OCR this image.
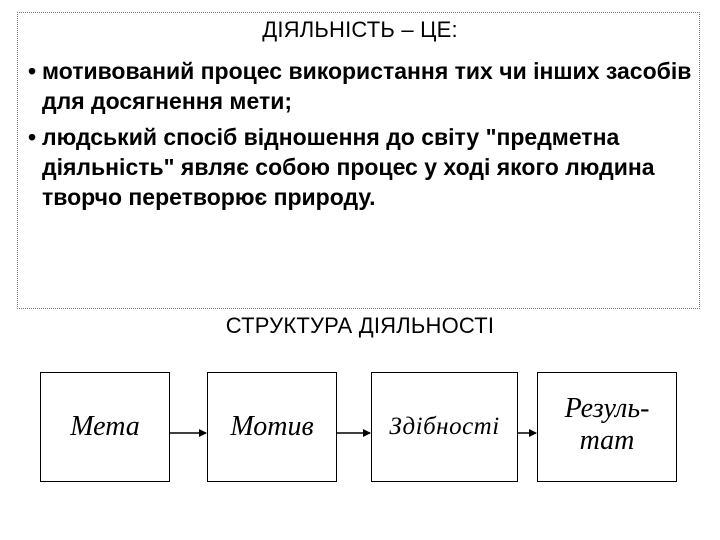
ДІЯЛЬНІСТЬ – ЦЕ:
• мотивований процес використання тих чи інших засобів для досягнення мети;
• людський спосіб відношення до світу "предметна діяльність" являє собою процес у ході якого людина творчо перетворює природу.
СТРУКТУРА ДІЯЛЬНОСТІ
Мета	Мотив	Здібності
Резуль-
тат
